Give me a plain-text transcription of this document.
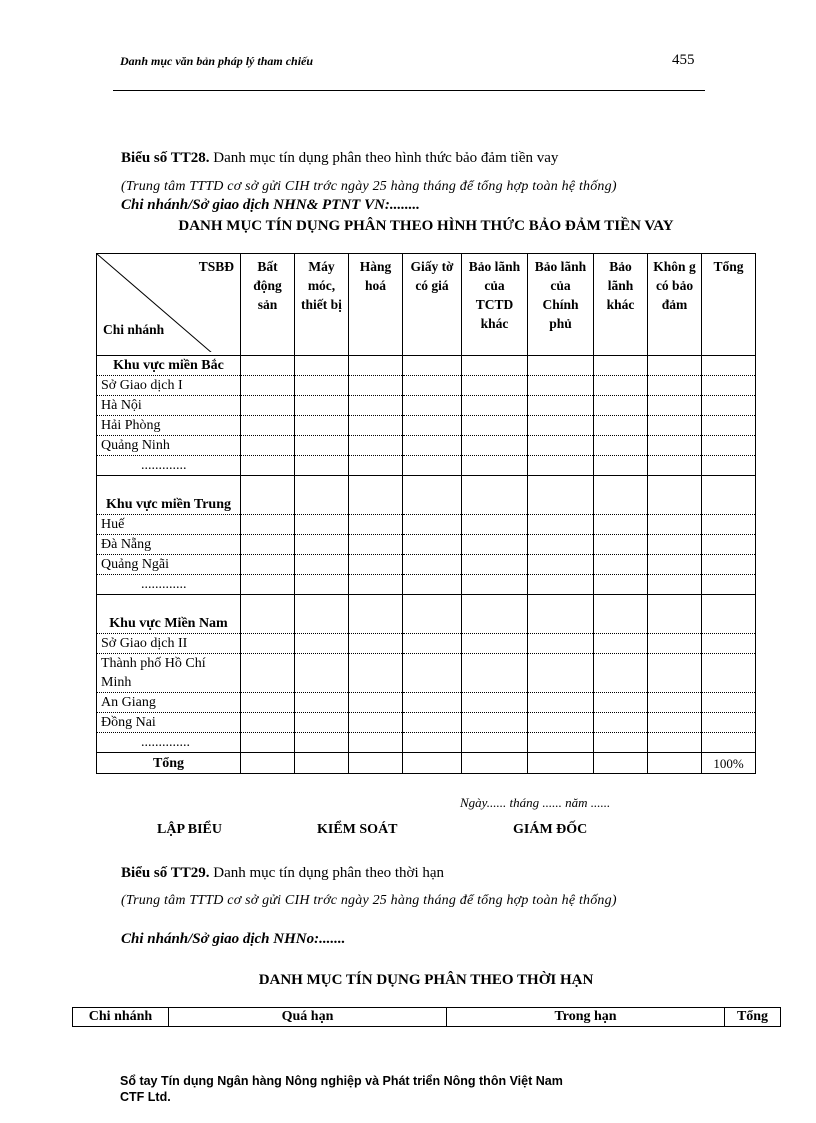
Danh mục văn bản pháp lý tham chiếu	455
Biểu số TT28. Danh mục tín dụng phân theo hình thức bảo đảm tiền vay
(Trung tâm TTTD cơ sở gửi CIH trớc ngày 25 hàng tháng để tổng hợp toàn hệ thống)
Chi nhánh/Sở giao dịch NHN& PTNT VN:........
DANH MỤC TÍN DỤNG PHÂN THEO HÌNH THỨC BẢO ĐẢM TIỀN VAY
TSBĐ
Chi nhánh	Bất động sản	Máy móc, thiết bị	Hàng hoá	Giấy tờ có giá	Bảo lãnh của TCTD khác	Bảo lãnh của Chính phủ	Bảo lãnh khác	Khôn g có bảo đảm	Tổng
Khu vực miền Bắc									
Sở Giao dịch I									
Hà Nội									
Hải Phòng									
Quảng Ninh									
.............									
Khu vực miền Trung									
Huế									
Đà Nẵng									
Quảng Ngãi									
.............									
Khu vực Miền Nam									
Sở Giao dịch II									
Thành phố Hồ Chí Minh									
An Giang									
Đồng Nai									
..............									
Tổng									100%
Ngày...... tháng ...... năm ......
LẬP BIỂU	KIỂM SOÁT	GIÁM ĐỐC
Biểu số TT29. Danh mục tín dụng phân theo thời hạn
(Trung tâm TTTD cơ sở gửi CIH trớc ngày 25 hàng tháng để tổng hợp toàn hệ thống)
Chi nhánh/Sở giao dịch NHNo:.......
DANH MỤC TÍN DỤNG PHÂN THEO THỜI HẠN
Chi nhánh	Quá hạn	Trong hạn	Tổng
Sổ tay Tín dụng Ngân hàng Nông nghiệp và Phát triển Nông thôn Việt Nam
CTF Ltd.
